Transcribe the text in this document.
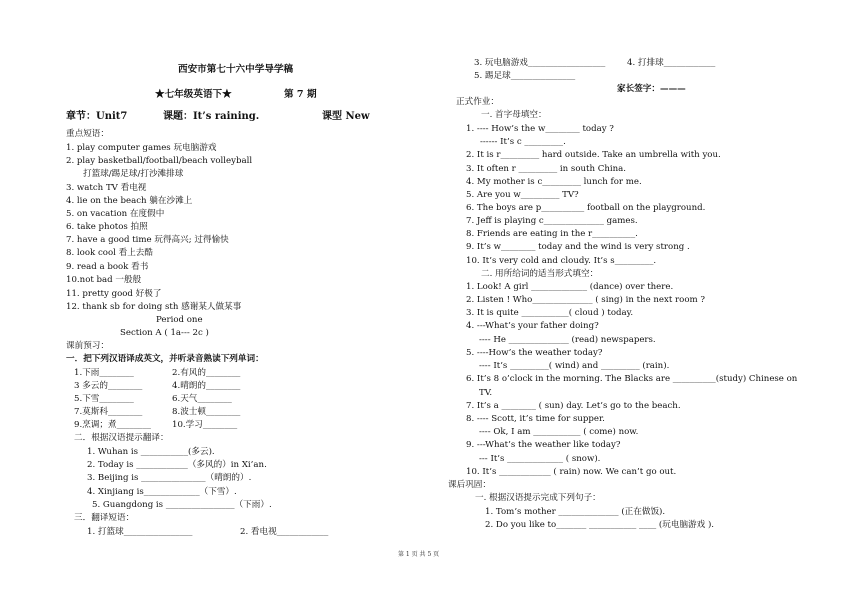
西安市第七十六中学导学稿
★七年级英语下★	第 7 期
章节：Unit7	课题：It’s raining.	课型 New
重点短语：
1. play computer games 玩电脑游戏
2. play basketball/football/beach volleyball
打篮球/踢足球/打沙滩排球
3. watch TV 看电视
4. lie on the beach 躺在沙滩上
5. on vacation 在度假中
6. take photos 拍照
7. have a good time 玩得高兴; 过得愉快
8. look cool 看上去酷
9. read a book 看书
10.not bad 一般般
11. pretty good 好极了
12. thank sb for doing sth 感谢某人做某事
Period one
Section A ( 1a--- 2c )
课前预习：
一．把下列汉语译成英文，并听录音熟读下列单词：
1.下雨________	2.有风的________
3 多云的________	4.晴朗的________
5.下雪________	6.天气________
7.莫斯科________	8.波士顿________
9.烹调；煮________ 10.学习________
二．根据汉语提示翻译：
1. Wuhan is ___________(多云).
2. Today is ____________（多风的）in Xi’an.
3. Beijing is _______________（晴朗的）.
4. Xinjiang is_____________（下雪）.
5. Guangdong is ________________（下雨）.
三．翻译短语：
1. 打篮球________________	2. 看电视____________
3. 玩电脑游戏__________________	4. 打排球____________
5. 踢足球_______________
家长签字：———
正式作业：
一. 首字母填空：
1. ---- How’s the w________ today ?
------ It’s c _________.
2. It is r_________ hard outside. Take an umbrella with you.
3. It often r _________ in south China.
4. My mother is c_________ lunch for me.
5. Are you w_________ TV?
6. The boys are p__________ football on the playground.
7. Jeff is playing c______________ games.
8. Friends are eating in the r__________.
9. It’s w________ today and the wind is very strong .
10. It’s very cold and cloudy. It’s s_________.
二. 用所给词的适当形式填空：
1. Look! A girl _____________ (dance) over there.
2. Listen ! Who______________ ( sing) in the next room ?
3. It is quite ___________( cloud ) today.
4. ---What’s your father doing?
---- He ______________ (read) newspapers.
5. ----How’s the weather today?
---- It’s _________( wind) and _________ (rain).
6. It’s 8 o’clock in the morning. The Blacks are __________(study) Chinese on
TV.
7. It’s a ________ ( sun) day. Let’s go to the beach.
8. ---- Scott, it’s time for supper.
---- Ok, I am ___________ ( come) now.
9. ---What’s the weather like today?
--- It’s _____________ ( snow).
10. It’s ____________ ( rain) now. We can’t go out.
课后巩固：
一. 根据汉语提示完成下列句子：
1. Tom’s mother ______________ (正在做饭).
2. Do you like to_______ ___________ ____ (玩电脑游戏 ).
第 1 页 共 5 页
